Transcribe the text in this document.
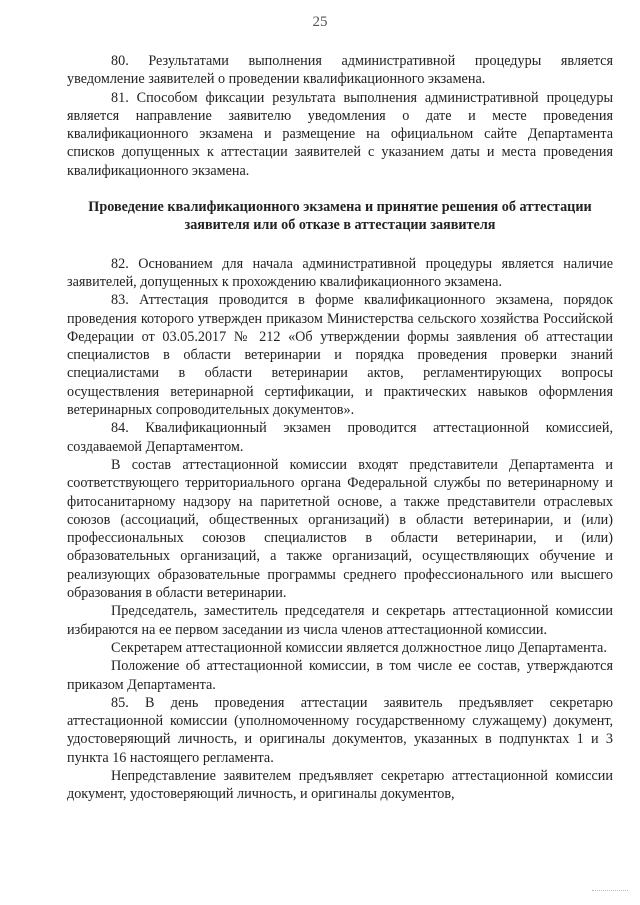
25

80. Результатами выполнения административной процедуры является уведомление заявителей о проведении квалификационного экзамена.

81. Способом фиксации результата выполнения административной процедуры является направление заявителю уведомления о дате и месте проведения квалификационного экзамена и размещение на официальном сайте Департамента списков допущенных к аттестации заявителей с указанием даты и места проведения квалификационного экзамена.

Проведение квалификационного экзамена и принятие решения об аттестации заявителя или об отказе в аттестации заявителя

82. Основанием для начала административной процедуры является наличие заявителей, допущенных к прохождению квалификационного экзамена.

83. Аттестация проводится в форме квалификационного экзамена, порядок проведения которого утвержден приказом Министерства сельского хозяйства Российской Федерации от 03.05.2017 № 212 «Об утверждении формы заявления об аттестации специалистов в области ветеринарии и порядка проведения проверки знаний специалистами в области ветеринарии актов, регламентирующих вопросы осуществления ветеринарной сертификации, и практических навыков оформления ветеринарных сопроводительных документов».

84. Квалификационный экзамен проводится аттестационной комиссией, создаваемой Департаментом.

В состав аттестационной комиссии входят представители Департамента и соответствующего территориального органа Федеральной службы по ветеринарному и фитосанитарному надзору на паритетной основе, а также представители отраслевых союзов (ассоциаций, общественных организаций) в области ветеринарии, и (или) профессиональных союзов специалистов в области ветеринарии, и (или) образовательных организаций, а также организаций, осуществляющих обучение и реализующих образовательные программы среднего профессионального или высшего образования в области ветеринарии.

Председатель, заместитель председателя и секретарь аттестационной комиссии избираются на ее первом заседании из числа членов аттестационной комиссии.

Секретарем аттестационной комиссии является должностное лицо Департамента.

Положение об аттестационной комиссии, в том числе ее состав, утверждаются приказом Департамента.

85. В день проведения аттестации заявитель предъявляет секретарю аттестационной комиссии (уполномоченному государственному служащему) документ, удостоверяющий личность, и оригиналы документов, указанных в подпунктах 1 и 3 пункта 16 настоящего регламента.

Непредставление заявителем предъявляет секретарю аттестационной комиссии документ, удостоверяющий личность, и оригиналы документов,
